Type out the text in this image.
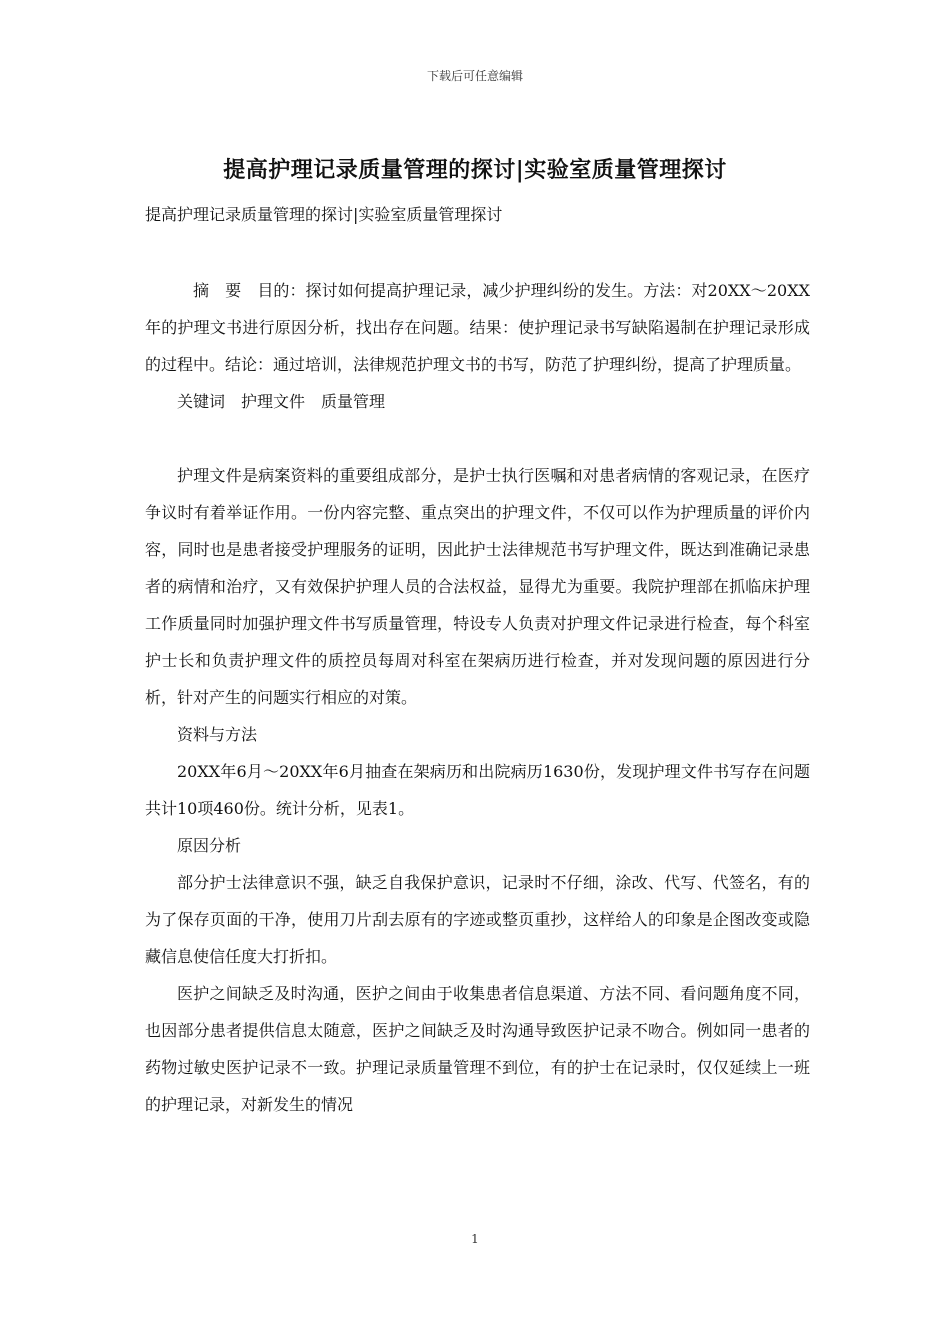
下载后可任意编辑
提高护理记录质量管理的探讨|实验室质量管理探讨
提高护理记录质量管理的探讨|实验室质量管理探讨

摘　要　目的：探讨如何提高护理记录，减少护理纠纷的发生。方法：对20XX～20XX年的护理文书进行原因分析，找出存在问题。结果：使护理记录书写缺陷遏制在护理记录形成的过程中。结论：通过培训，法律规范护理文书的书写，防范了护理纠纷，提高了护理质量。

关键词　护理文件　质量管理

护理文件是病案资料的重要组成部分，是护士执行医嘱和对患者病情的客观记录，在医疗争议时有着举证作用。一份内容完整、重点突出的护理文件，不仅可以作为护理质量的评价内容，同时也是患者接受护理服务的证明，因此护士法律规范书写护理文件，既达到准确记录患者的病情和治疗，又有效保护护理人员的合法权益，显得尤为重要。我院护理部在抓临床护理工作质量同时加强护理文件书写质量管理，特设专人负责对护理文件记录进行检查，每个科室护士长和负责护理文件的质控员每周对科室在架病历进行检查，并对发现问题的原因进行分析，针对产生的问题实行相应的对策。

资料与方法

20XX年6月～20XX年6月抽查在架病历和出院病历1630份，发现护理文件书写存在问题共计10项460份。统计分析，见表1。

原因分析

部分护士法律意识不强，缺乏自我保护意识，记录时不仔细，涂改、代写、代签名，有的为了保存页面的干净，使用刀片刮去原有的字迹或整页重抄，这样给人的印象是企图改变或隐藏信息使信任度大打折扣。

医护之间缺乏及时沟通，医护之间由于收集患者信息渠道、方法不同、看问题角度不同，也因部分患者提供信息太随意，医护之间缺乏及时沟通导致医护记录不吻合。例如同一患者的药物过敏史医护记录不一致。护理记录质量管理不到位，有的护士在记录时，仅仅延续上一班的护理记录，对新发生的情况

1
